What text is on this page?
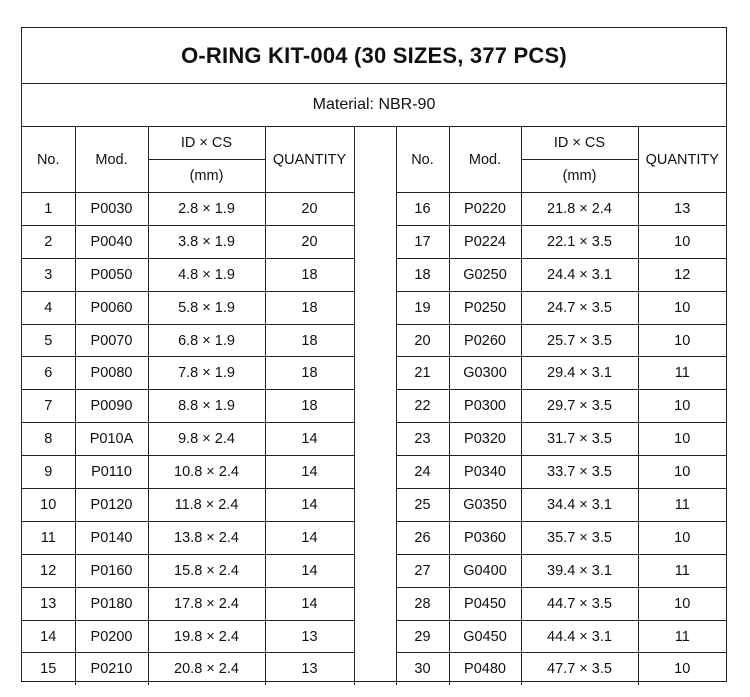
O-RING KIT-004 (30 SIZES, 377 PCS)
Material: NBR-90
No.	Mod.	ID × CS	QUANTITY		No.	Mod.	ID × CS	QUANTITY
		(mm)					(mm)	
1	P0030	2.8 × 1.9	20		16	P0220	21.8 × 2.4	13
2	P0040	3.8 × 1.9	20		17	P0224	22.1 × 3.5	10
3	P0050	4.8 × 1.9	18		18	G0250	24.4 × 3.1	12
4	P0060	5.8 × 1.9	18		19	P0250	24.7 × 3.5	10
5	P0070	6.8 × 1.9	18		20	P0260	25.7 × 3.5	10
6	P0080	7.8 × 1.9	18		21	G0300	29.4 × 3.1	11
7	P0090	8.8 × 1.9	18		22	P0300	29.7 × 3.5	10
8	P010A	9.8 × 2.4	14		23	P0320	31.7 × 3.5	10
9	P0110	10.8 × 2.4	14		24	P0340	33.7 × 3.5	10
10	P0120	11.8 × 2.4	14		25	G0350	34.4 × 3.1	11
11	P0140	13.8 × 2.4	14		26	P0360	35.7 × 3.5	10
12	P0160	15.8 × 2.4	14		27	G0400	39.4 × 3.1	11
13	P0180	17.8 × 2.4	14		28	P0450	44.7 × 3.5	10
14	P0200	19.8 × 2.4	13		29	G0450	44.4 × 3.1	11
15	P0210	20.8 × 2.4	13		30	P0480	47.7 × 3.5	10
